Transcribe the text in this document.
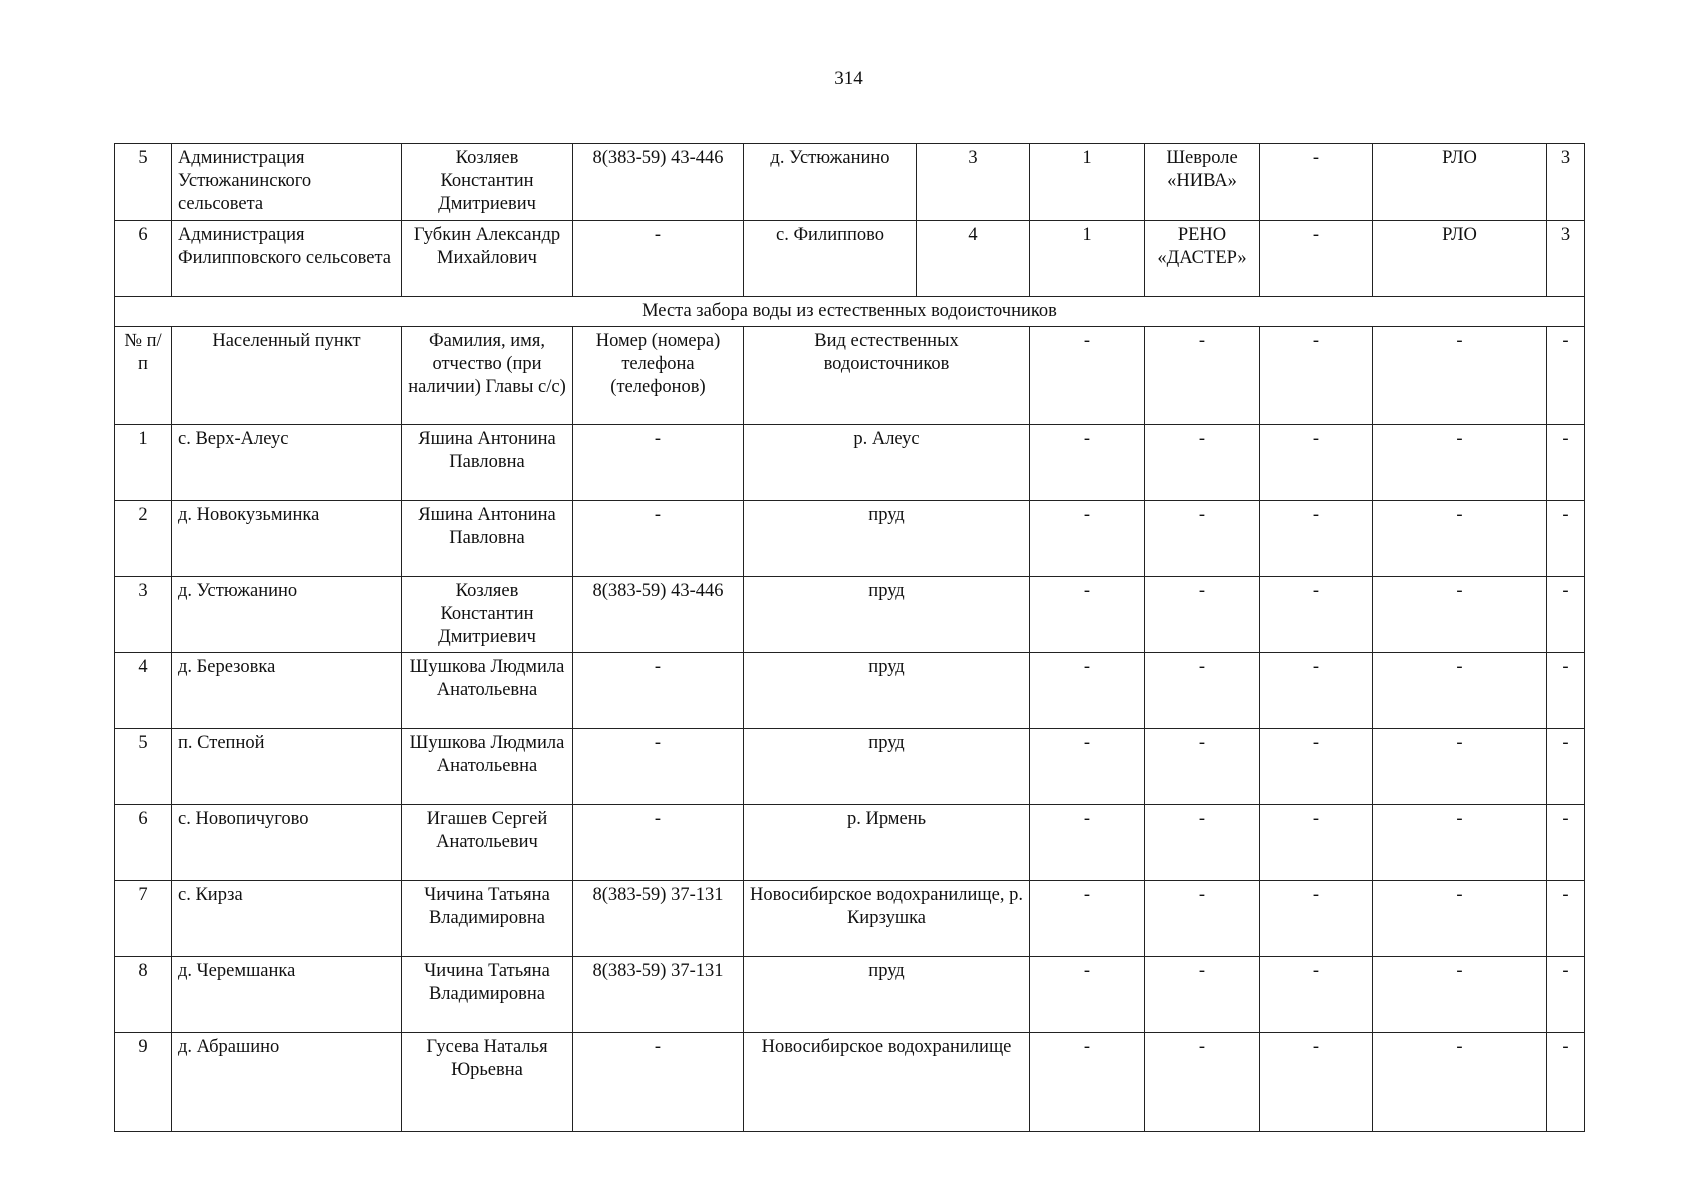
314
5	Администрация Устюжанинского сельсовета	Козляев Константин Дмитриевич	8(383-59) 43-446	д. Устюжанино	3	1	Шевроле «НИВА»	-	РЛО	3
6	Администрация Филипповского сельсовета	Губкин Александр Михайлович	-	с. Филиппово	4	1	РЕНО «ДАСТЕР»	-	РЛО	3
Места забора воды из естественных водоисточников										
№ п/п	Населенный пункт	Фамилия, имя, отчество (при наличии) Главы с/с)	Номер (номера) телефона (телефонов)	Вид естественных водоисточников		-	-	-	-	-
1	с. Верх-Алеус	Яшина Антонина Павловна	-	р. Алеус		-	-	-	-	-
2	д. Новокузьминка	Яшина Антонина Павловна	-	пруд		-	-	-	-	-
3	д. Устюжанино	Козляев Константин Дмитриевич	8(383-59) 43-446	пруд		-	-	-	-	-
4	д. Березовка	Шушкова Людмила Анатольевна	-	пруд		-	-	-	-	-
5	п. Степной	Шушкова Людмила Анатольевна	-	пруд		-	-	-	-	-
6	с. Новопичугово	Игашев Сергей Анатольевич	-	р. Ирмень		-	-	-	-	-
7	с. Кирза	Чичина Татьяна Владимировна	8(383-59) 37-131	Новосибирское водохранилище, р. Кирзушка		-	-	-	-	-
8	д. Черемшанка	Чичина Татьяна Владимировна	8(383-59) 37-131	пруд		-	-	-	-	-
9	д. Абрашино	Гусева Наталья Юрьевна	-	Новосибирское водохранилище		-	-	-	-	-
